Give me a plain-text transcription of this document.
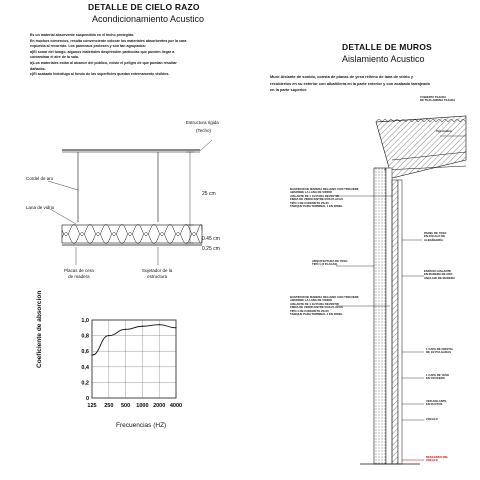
DETALLE DE CIELO RAZO
Acondicionamiento Acustico
Es un material absorvente suspendido en el techo protegido.
En muchos comercios, resulta convenciente colocar los materiales absorbentes por la cara
expuesta al recorrido. Los panneaux protesen y son tan agrupados:
a)El sonar del tumgo, algunos materiales desprenden partículas que pueden llegar a
contaminar el aire de la sala.
b)Los materiales están al alcance del público, existe el peligro de que puedan resultar
dañados.
c)El acabado hidrófugo al fondo de las superficies quedan externamente visibles.
Estructura rigida
(Techo)
Cordel de aro
Lana de vidrio
25 cm
0.45 cm
0.25 cm
Placas de cera
de madera
Sujetador de la
estructura
1,0
0,8
0,6
0,4
0,2
0
125 250 500 1000 2000 4000
Coeficiente de absorcion
Frecuencias (HZ)
DETALLE DE MUROS
Aislamiento Acustico
Muro Aislante de sonido, consta de placas de yeso relleno de lana de vidrio y
recubiertos en su exterior con albañilería en la parte exterior y con acabado tarrajeado
en la parte superior.
CUBIERTA TEJADA
DE TEJA ANDINA TEJADA
Teja Andina
BASTIDOR DE MADERA RELLENO CON TRIGUERE
ABSORBE LA LANA DE VIDRIO
AISLANTE DE 1 1/2 PARA REVESTIR
FIBRA DE VIDRIO ENTRE DOS PLACAS
TIPO 1 DE CONCRETO 25x15
TABIQUE PARA TERMINAL 1 EN PANEL
PANEL DE YESO
EN ZÓCALO DE
ALBAÑILERÍA
ARQUITECTURA DE YESO
TIPO 1 (3 PLACAS)
ESPACIO AISLANTE
EN MADERA DE ARO
ANCLAJE DE MADERA
BASTIDOR DE MADERA RELLENO CON TRIGUERE
ABSORBE LA LANA DE VIDRIO
AISLANTE DE 1 1/2 PARA REVESTIR
FIBRA DE VIDRIO ENTRE DOS PLACAS
TIPO 1 DE CONCRETO 25x15
TABIQUE PARA TERMINAL 1 EN PANEL
1 CAPA DE CRISTAL
DE 1/2 PULGADAS
1 CAPA DE YESO
EN CRUCERO
VER AISLANTE
EN DUCTOS
ZÓCALO
DESCANSO DEL
ZÓCALO
